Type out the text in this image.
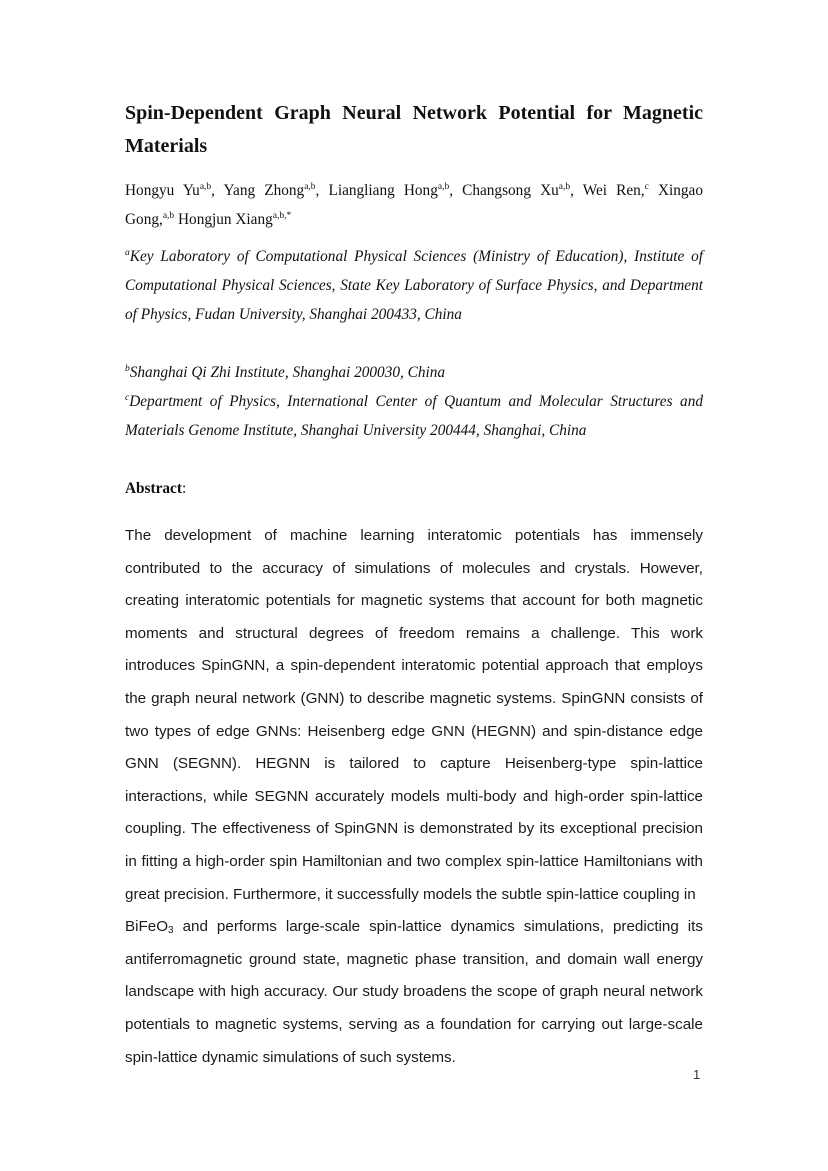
Spin-Dependent Graph Neural Network Potential for Magnetic Materials
Hongyu Yu$^{a,b}$, Yang Zhong$^{a,b}$, Liangliang Hong$^{a,b}$, Changsong Xu$^{a,b}$, Wei Ren,$^c$ Xingao Gong,$^{a,b}$ Hongjun Xiang$^{a,b,*}$
$^a$Key Laboratory of Computational Physical Sciences (Ministry of Education), Institute of Computational Physical Sciences, State Key Laboratory of Surface Physics, and Department of Physics, Fudan University, Shanghai 200433, China
$^b$Shanghai Qi Zhi Institute, Shanghai 200030, China
$^c$Department of Physics, International Center of Quantum and Molecular Structures and Materials Genome Institute, Shanghai University 200444, Shanghai, China
Abstract:

The development of machine learning interatomic potentials has immensely contributed to the accuracy of simulations of molecules and crystals. However, creating interatomic potentials for magnetic systems that account for both magnetic moments and structural degrees of freedom remains a challenge. This work introduces SpinGNN, a spin-dependent interatomic potential approach that employs the graph neural network (GNN) to describe magnetic systems. SpinGNN consists of two types of edge GNNs: Heisenberg edge GNN (HEGNN) and spin-distance edge GNN (SEGNN). HEGNN is tailored to capture Heisenberg-type spin-lattice interactions, while SEGNN accurately models multi-body and high-order spin-lattice coupling. The effectiveness of SpinGNN is demonstrated by its exceptional precision in fitting a high-order spin Hamiltonian and two complex spin-lattice Hamiltonians with great precision. Furthermore, it successfully models the subtle spin-lattice coupling in
BiFeO$_3$ and performs large-scale spin-lattice dynamics simulations, predicting its antiferromagnetic ground state, magnetic phase transition, and domain wall energy landscape with high accuracy. Our study broadens the scope of graph neural network potentials to magnetic systems, serving as a foundation for carrying out large-scale spin-lattice dynamic simulations of such systems.

1
